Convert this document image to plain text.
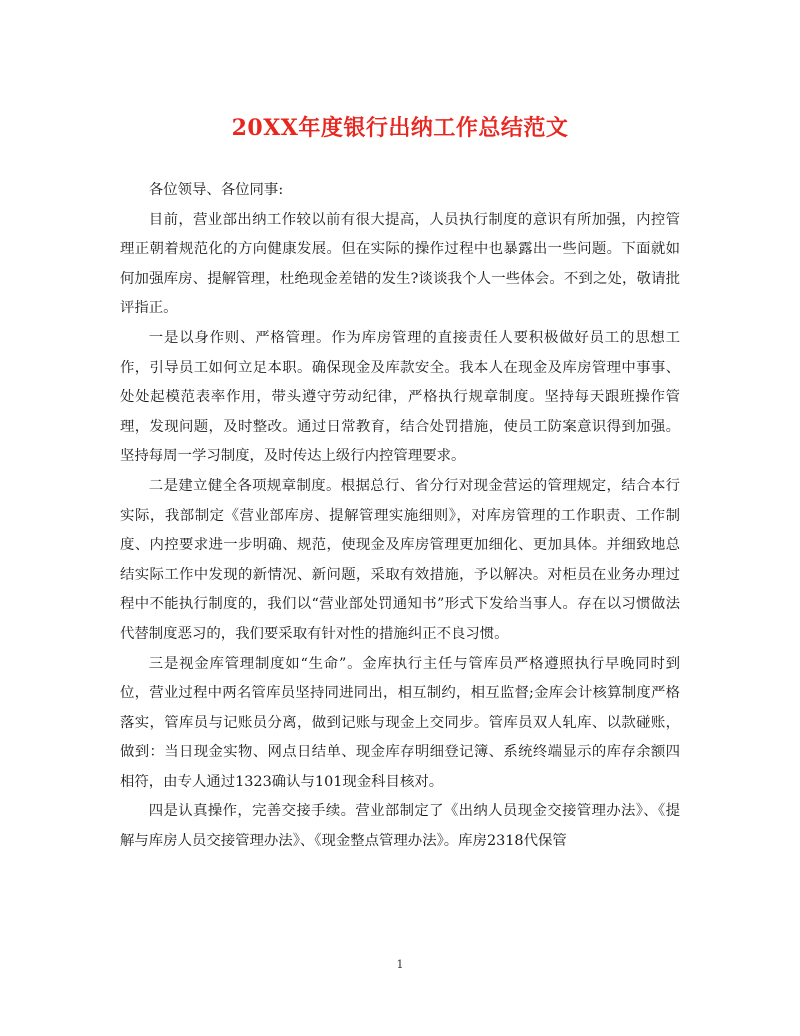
20XX年度银行出纳工作总结范文

各位领导、各位同事:

目前，营业部出纳工作较以前有很大提高，人员执行制度的意识有所加强，内控管理正朝着规范化的方向健康发展。但在实际的操作过程中也暴露出一些问题。下面就如何加强库房、提解管理，杜绝现金差错的发生?谈谈我个人一些体会。不到之处，敬请批评指正。

一是以身作则、严格管理。作为库房管理的直接责任人要积极做好员工的思想工作，引导员工如何立足本职。确保现金及库款安全。我本人在现金及库房管理中事事、处处起模范表率作用，带头遵守劳动纪律，严格执行规章制度。坚持每天跟班操作管理，发现问题，及时整改。通过日常教育，结合处罚措施，使员工防案意识得到加强。坚持每周一学习制度，及时传达上级行内控管理要求。

二是建立健全各项规章制度。根据总行、省分行对现金营运的管理规定，结合本行实际，我部制定《营业部库房、提解管理实施细则》，对库房管理的工作职责、工作制度、内控要求进一步明确、规范，使现金及库房管理更加细化、更加具体。并细致地总结实际工作中发现的新情况、新问题，采取有效措施，予以解决。对柜员在业务办理过程中不能执行制度的，我们以“营业部处罚通知书”形式下发给当事人。存在以习惯做法代替制度恶习的，我们要采取有针对性的措施纠正不良习惯。

三是视金库管理制度如“生命”。金库执行主任与管库员严格遵照执行早晚同时到位，营业过程中两名管库员坚持同进同出，相互制约，相互监督;金库会计核算制度严格落实，管库员与记账员分离，做到记账与现金上交同步。管库员双人轧库、以款碰账，做到：当日现金实物、网点日结单、现金库存明细登记簿、系统终端显示的库存余额四相符，由专人通过1323确认与101现金科目核对。

四是认真操作，完善交接手续。营业部制定了《出纳人员现金交接管理办法》、《提解与库房人员交接管理办法》、《现金整点管理办法》。库房2318代保管

1
